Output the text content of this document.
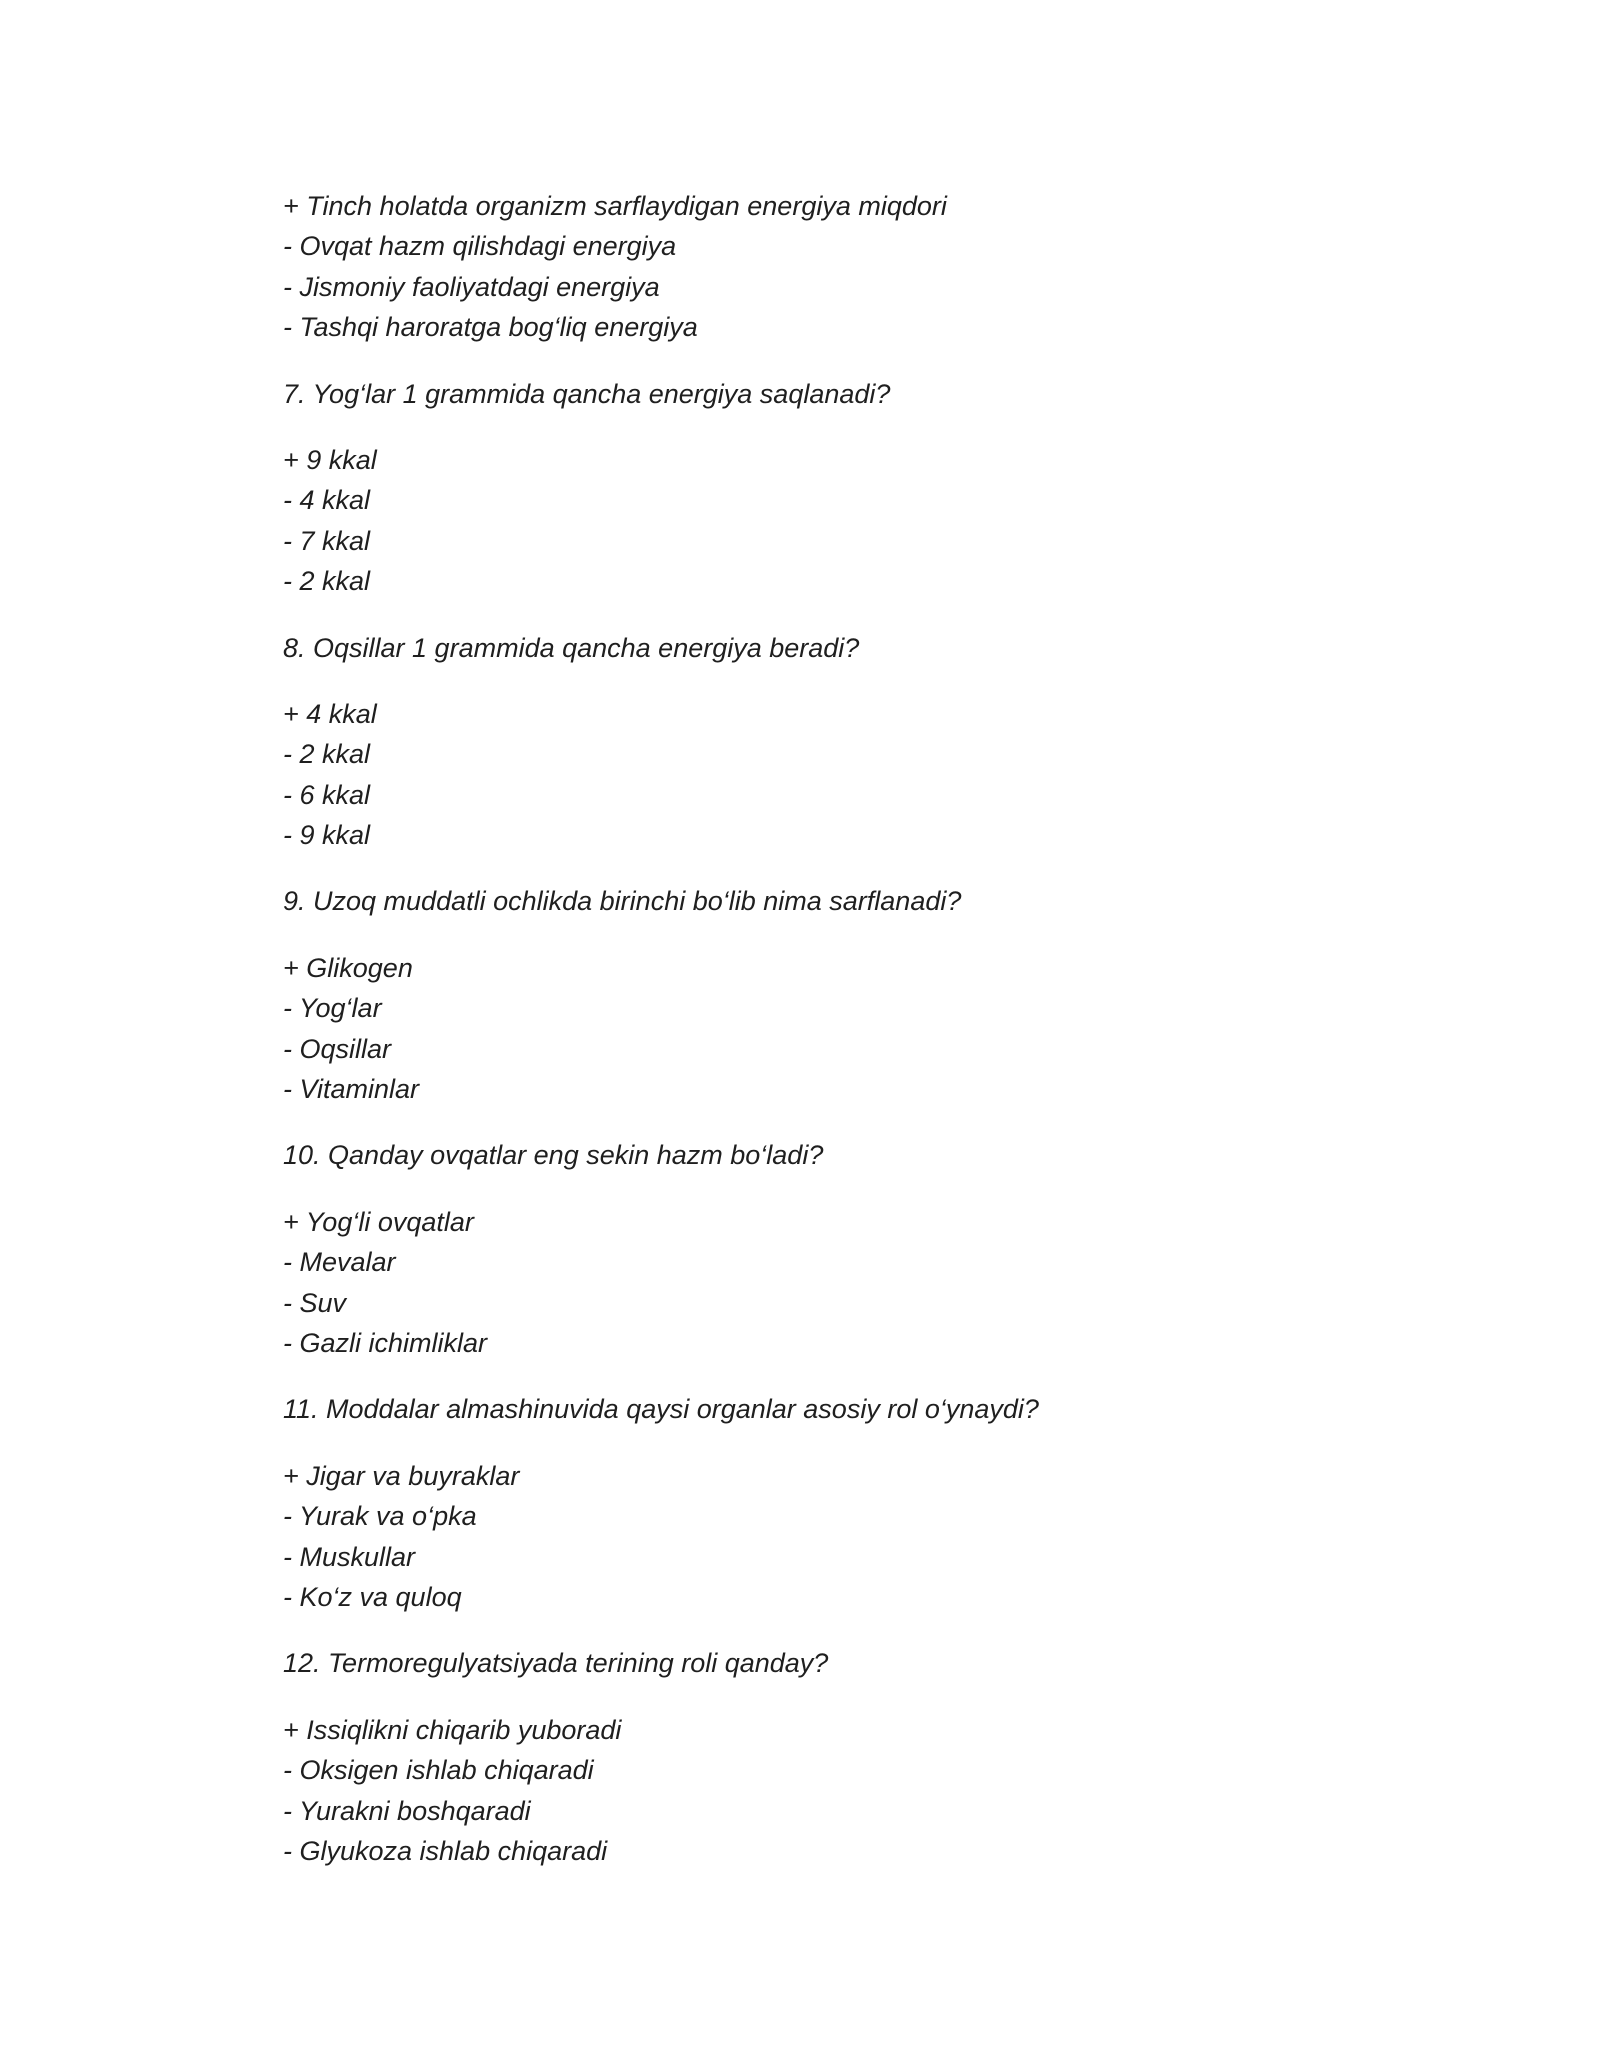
+ Tinch holatda organizm sarflaydigan energiya miqdori
- Ovqat hazm qilishdagi energiya
- Jismoniy faoliyatdagi energiya
- Tashqi haroratga bog‘liq energiya
7. Yog‘lar 1 grammida qancha energiya saqlanadi?
+ 9 kkal
- 4 kkal
- 7 kkal
- 2 kkal
8. Oqsillar 1 grammida qancha energiya beradi?
+ 4 kkal
- 2 kkal
- 6 kkal
- 9 kkal
9. Uzoq muddatli ochlikda birinchi bo‘lib nima sarflanadi?
+ Glikogen
- Yog‘lar
- Oqsillar
- Vitaminlar
10. Qanday ovqatlar eng sekin hazm bo‘ladi?
+ Yog‘li ovqatlar
- Mevalar
- Suv
- Gazli ichimliklar
11. Moddalar almashinuvida qaysi organlar asosiy rol o‘ynaydi?
+ Jigar va buyraklar
- Yurak va o‘pka
- Muskullar
- Ko‘z va quloq
12. Termoregulyatsiyada terining roli qanday?
+ Issiqlikni chiqarib yuboradi
- Oksigen ishlab chiqaradi
- Yurakni boshqaradi
- Glyukoza ishlab chiqaradi
